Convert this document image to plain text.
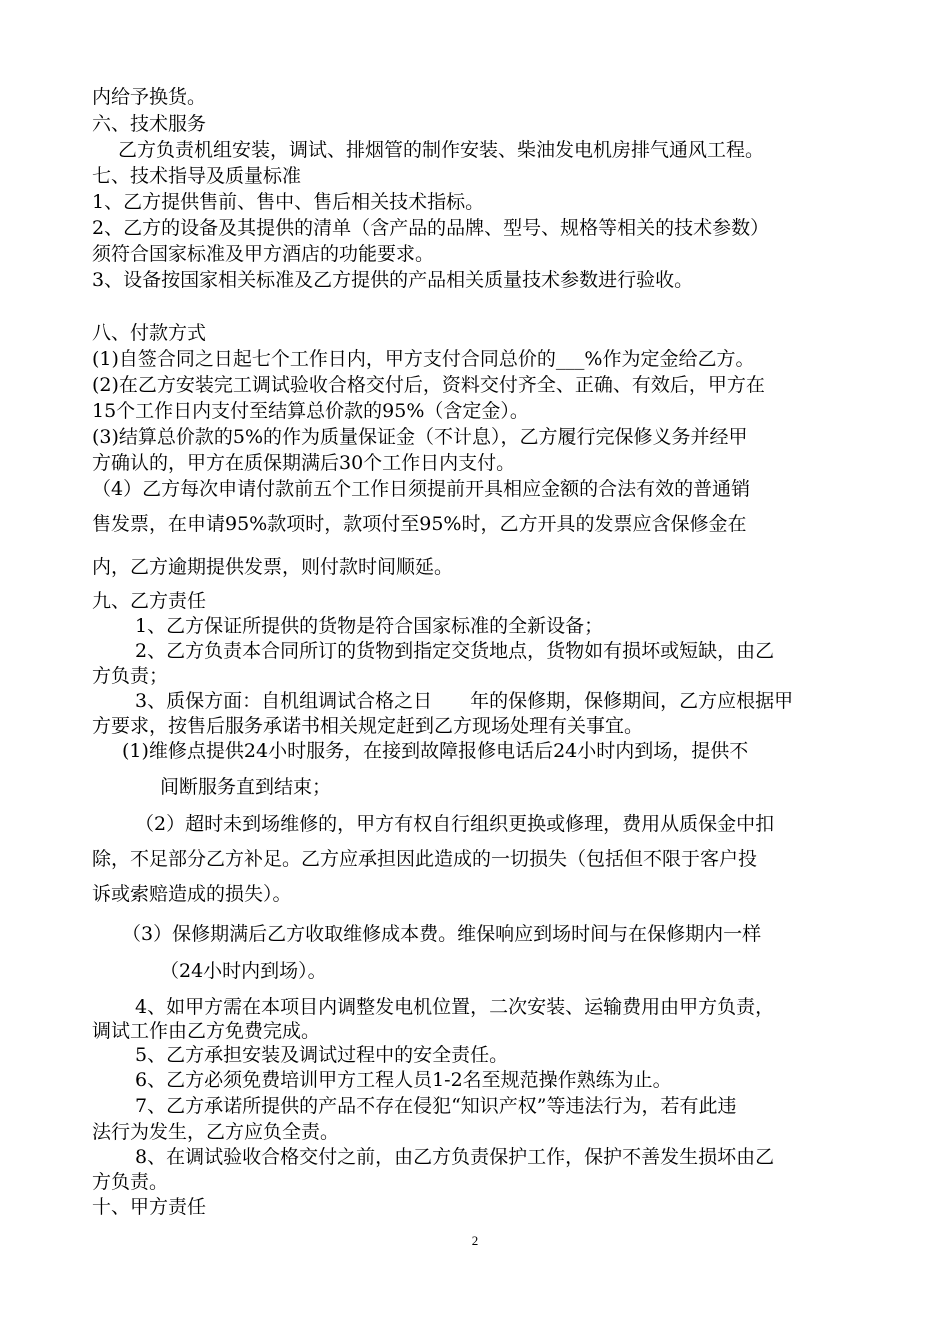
内给予换货。
六、技术服务
乙方负责机组安装，调试、排烟管的制作安装、柴油发电机房排气通风工程。
七、技术指导及质量标准
1、乙方提供售前、售中、售后相关技术指标。
2、乙方的设备及其提供的清单（含产品的品牌、型号、规格等相关的技术参数）
须符合国家标准及甲方酒店的功能要求。
3、设备按国家相关标准及乙方提供的产品相关质量技术参数进行验收。
八、付款方式
(1)自签合同之日起七个工作日内，甲方支付合同总价的___%作为定金给乙方。
(2)在乙方安装完工调试验收合格交付后，资料交付齐全、正确、有效后，甲方在
15个工作日内支付至结算总价款的95%（含定金）。
(3)结算总价款的5%的作为质量保证金（不计息），乙方履行完保修义务并经甲
方确认的，甲方在质保期满后30个工作日内支付。
（4）乙方每次申请付款前五个工作日须提前开具相应金额的合法有效的普通销
售发票，在申请95%款项时，款项付至95%时，乙方开具的发票应含保修金在
内，乙方逾期提供发票，则付款时间顺延。
九、乙方责任
1、乙方保证所提供的货物是符合国家标准的全新设备；
2、乙方负责本合同所订的货物到指定交货地点，货物如有损坏或短缺，由乙
方负责；
3、质保方面：自机组调试合格之日　　年的保修期，保修期间，乙方应根据甲
方要求，按售后服务承诺书相关规定赶到乙方现场处理有关事宜。
(1)维修点提供24小时服务，在接到故障报修电话后24小时内到场，提供不
间断服务直到结束；
（2）超时未到场维修的，甲方有权自行组织更换或修理，费用从质保金中扣
除，不足部分乙方补足。乙方应承担因此造成的一切损失（包括但不限于客户投
诉或索赔造成的损失）。
（3）保修期满后乙方收取维修成本费。维保响应到场时间与在保修期内一样
（24小时内到场）。
4、如甲方需在本项目内调整发电机位置，二次安装、运输费用由甲方负责，
调试工作由乙方免费完成。
5、乙方承担安装及调试过程中的安全责任。
6、乙方必须免费培训甲方工程人员1-2名至规范操作熟练为止。
7、乙方承诺所提供的产品不存在侵犯“知识产权”等违法行为，若有此违
法行为发生，乙方应负全责。
8、在调试验收合格交付之前，由乙方负责保护工作，保护不善发生损坏由乙
方负责。
十、甲方责任
2
